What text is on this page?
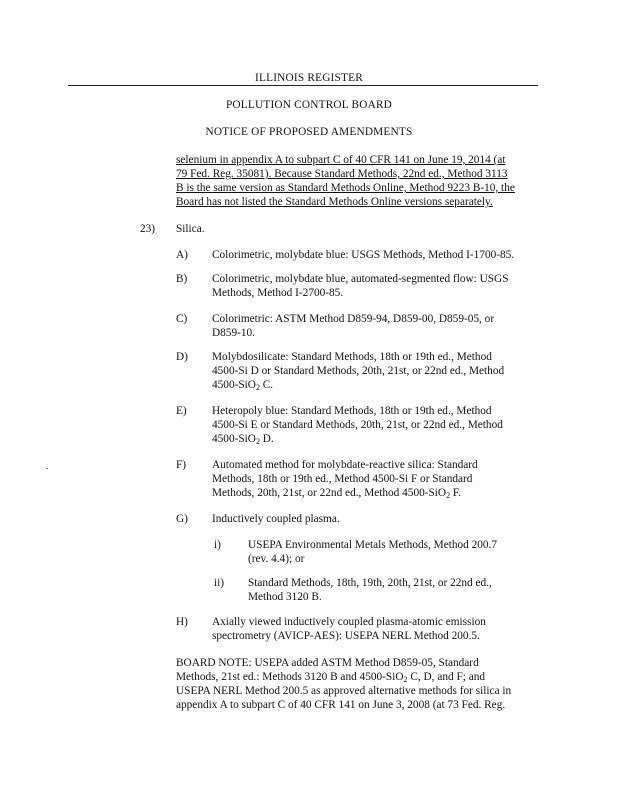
ILLINOIS REGISTER
POLLUTION CONTROL BOARD
NOTICE OF PROPOSED AMENDMENTS
selenium in appendix A to subpart C of 40 CFR 141 on June 19, 2014 (at
79 Fed. Reg. 35081). Because Standard Methods, 22nd ed., Method 3113
B is the same version as Standard Methods Online, Method 9223 B-10, the
Board has not listed the Standard Methods Online versions separately.
23) Silica.
A) Colorimetric, molybdate blue: USGS Methods, Method I-1700-85.
B) Colorimetric, molybdate blue, automated-segmented flow: USGS
Methods, Method I-2700-85.
C) Colorimetric: ASTM Method D859-94, D859-00, D859-05, or
D859-10.
D) Molybdosilicate: Standard Methods, 18th or 19th ed., Method
4500-Si D or Standard Methods, 20th, 21st, or 22nd ed., Method
4500-SiO$_2$ C.
E) Heteropoly blue: Standard Methods, 18th or 19th ed., Method
4500-Si E or Standard Methods, 20th, 21st, or 22nd ed., Method
4500-SiO$_2$ D.
F) Automated method for molybdate-reactive silica: Standard
Methods, 18th or 19th ed., Method 4500-Si F or Standard
Methods, 20th, 21st, or 22nd ed., Method 4500-SiO$_2$ F.
G) Inductively coupled plasma.
i) USEPA Environmental Metals Methods, Method 200.7
(rev. 4.4); or
ii) Standard Methods, 18th, 19th, 20th, 21st, or 22nd ed.,
Method 3120 B.
H) Axially viewed inductively coupled plasma-atomic emission
spectrometry (AVICP-AES): USEPA NERL Method 200.5.
BOARD NOTE: USEPA added ASTM Method D859-05, Standard
Methods, 21st ed.: Methods 3120 B and 4500-SiO$_2$ C, D, and F; and
USEPA NERL Method 200.5 as approved alternative methods for silica in
appendix A to subpart C of 40 CFR 141 on June 3, 2008 (at 73 Fed. Reg.
